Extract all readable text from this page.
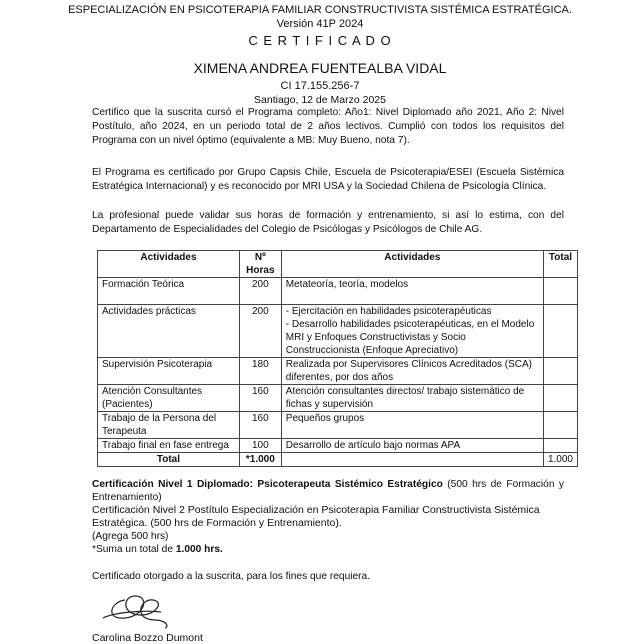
ESPECIALIZACIÓN EN PSICOTERAPIA FAMILIAR CONSTRUCTIVISTA SISTÉMICA ESTRATÉGICA.
Versión 41P 2024
C E R T I F I C A D O
XIMENA ANDREA FUENTEALBA VIDAL
CI 17.155.256-7
Santiago, 12 de Marzo 2025
Certifico que la suscrita cursó el Programa completo: Año1: Nivel Diplomado año 2021, Año 2: Nivel Postítulo, año 2024, en un periodo total de 2 años lectivos. Cumplió con todos los requisitos del Programa con un nivel óptimo (equivalente a MB: Muy Bueno, nota 7).
El Programa es certificado por Grupo Capsis Chile, Escuela de Psicoterapia/ESEI (Escuela Sistémica Estratégica Internacional) y es reconocido por MRI USA y la Sociedad Chilena de Psicología Clínica.
La profesional puede validar sus horas de formación y entrenamiento, si así lo estima, con del Departamento de Especialidades del Colegio de Psicólogas y Psicólogos de Chile AG.
Actividades	Nº Horas	Actividades	Total
Formación Teórica	200	Metateoría, teoría, modelos	
Actividades prácticas	200	- Ejercitación en habilidades psicoterapéuticas
- Desarrollo habilidades psicoterapéuticas, en el Modelo MRI y Enfoques Constructivistas y Socio Construccionista (Enfoque Apreciativo)	
Supervisión Psicoterapia	180	Realizada por Supervisores Clínicos Acreditados (SCA) diferentes, por dos años	
Atención Consultantes (Pacientes)	160	Atención consultantes directos/ trabajo sistemático de fichas y supervisión	
Trabajo de la Persona del Terapeuta	160	Pequeños grupos	
Trabajo final en fase entrega	100	Desarrollo de artículo bajo normas APA	
Total	*1.000		1.000
Certificación Nivel 1 Diplomado: Psicoterapeuta Sistémico Estratégico (500 hrs de Formación y Entrenamiento)
Certificación Nivel 2 Postítulo Especialización en Psicoterapia Familiar Constructivista Sistémica Estratégica. (500 hrs de Formación y Entrenamiento).
(Agrega 500 hrs)
*Suma un total de 1.000 hrs.
Certificado otorgado a la suscrita, para los fines que requiera.
Carolina Bozzo Dumont
